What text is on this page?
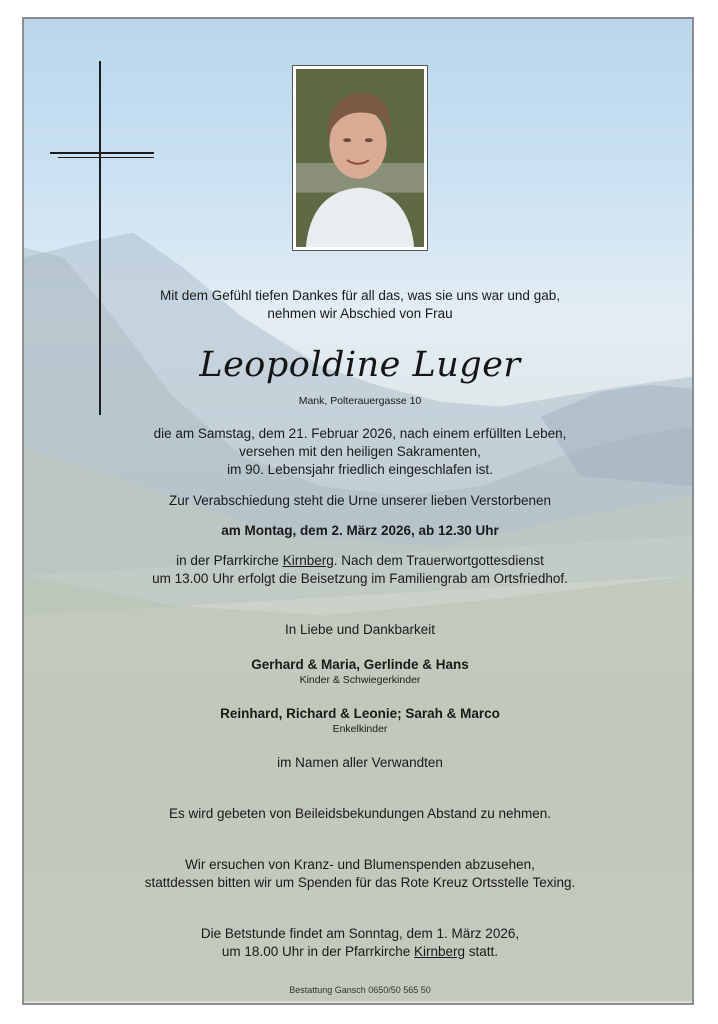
Mit dem Gefühl tiefen Dankes für all das, was sie uns war und gab,
nehmen wir Abschied von Frau
Leopoldine Luger
Mank, Polterauergasse 10
die am Samstag, dem 21. Februar 2026, nach einem erfüllten Leben,
versehen mit den heiligen Sakramenten,
im 90. Lebensjahr friedlich eingeschlafen ist.
Zur Verabschiedung steht die Urne unserer lieben Verstorbenen
am Montag, dem 2. März 2026, ab 12.30 Uhr
in der Pfarrkirche Kirnberg. Nach dem Trauerwortgottesdienst
um 13.00 Uhr erfolgt die Beisetzung im Familiengrab am Ortsfriedhof.
In Liebe und Dankbarkeit
Gerhard & Maria, Gerlinde & Hans
Kinder & Schwiegerkinder
Reinhard, Richard & Leonie; Sarah & Marco
Enkelkinder
im Namen aller Verwandten
Es wird gebeten von Beileidsbekundungen Abstand zu nehmen.
Wir ersuchen von Kranz- und Blumenspenden abzusehen,
stattdessen bitten wir um Spenden für das Rote Kreuz Ortsstelle Texing.
Die Betstunde findet am Sonntag, dem 1. März 2026,
um 18.00 Uhr in der Pfarrkirche Kirnberg statt.
Bestattung Gansch 0650/50 565 50
